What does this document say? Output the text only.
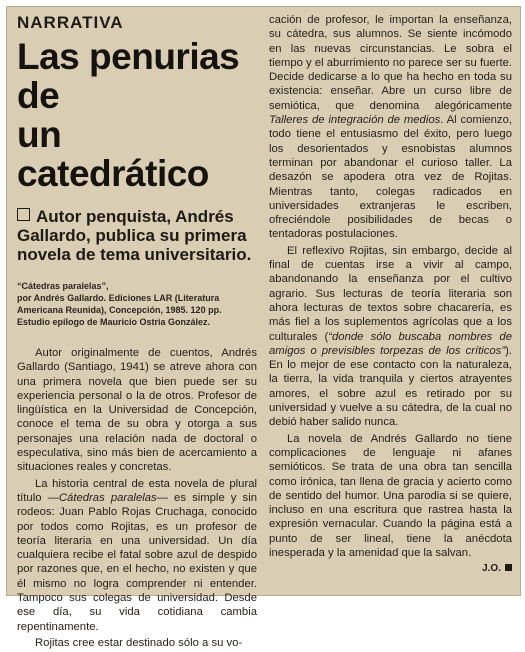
NARRATIVA
Las penurias de
un catedrático
Autor penquista, Andrés Gallardo, publica su primera novela de tema universitario.
“Cátedras paralelas”,
por Andrés Gallardo. Ediciones LAR (Literatura
Americana Reunida), Concepción, 1985. 120 pp.
Estudio epílogo de Mauricio Ostria González.

Autor originalmente de cuentos, Andrés Gallardo (Santiago, 1941) se atreve ahora con una primera novela que bien puede ser su experiencia personal o la de otros. Profesor de lingüística en la Universidad de Concepción, conoce el tema de su obra y otorga a sus personajes una relación nada de doctoral o especulativa, sino más bien de acercamiento a situaciones reales y concretas.

La historia central de esta novela de plural título —Cátedras paralelas— es simple y sin rodeos: Juan Pablo Rojas Cruchaga, conocido por todos como Rojitas, es un profesor de teoría literaria en una universidad. Un día cualquiera recibe el fatal sobre azul de despido por razones que, en el hecho, no existen y que él mismo no logra comprender ni entender. Tampoco sus colegas de universidad. Desde ese día, su vida cotidiana cambia repentinamente.

Rojitas cree estar destinado sólo a su vo-

cación de profesor, le importan la enseñanza, su cátedra, sus alumnos. Se siente incómodo en las nuevas circunstancias. Le sobra el tiempo y el aburrimiento no parece ser su fuerte. Decide dedicarse a lo que ha hecho en toda su existencia: enseñar. Abre un curso libre de semiótica, que denomina alegóricamente Talleres de integración de medios. Al comienzo, todo tiene el entusiasmo del éxito, pero luego los desorientados y esnobistas alumnos terminan por abandonar el curioso taller. La desazón se apodera otra vez de Rojitas. Mientras tanto, colegas radicados en universidades extranjeras le escriben, ofreciéndole posibilidades de becas o tentadoras postulaciones.

El reflexivo Rojitas, sin embargo, decide al final de cuentas irse a vivir al campo, abandonando la enseñanza por el cultivo agrario. Sus lecturas de teoría literaria son ahora lecturas de textos sobre chacarería, es más fiel a los suplementos agrícolas que a los culturales (“donde sólo buscaba nombres de amigos o previsibles torpezas de los críticos”). En lo mejor de ese contacto con la naturaleza, la tierra, la vida tranquila y ciertos atrayentes amores, el sobre azul es retirado por su universidad y vuelve a su cátedra, de la cual no debió haber salido nunca.

La novela de Andrés Gallardo no tiene complicaciones de lenguaje ni afanes semióticos. Se trata de una obra tan sencilla como irónica, tan llena de gracia y acierto como de sentido del humor. Una parodia si se quiere, incluso en una escritura que rastrea hasta la expresión vernacular. Cuando la página está a punto de ser lineal, tiene la anécdota inesperada y la amenidad que la salvan.

J.O.
